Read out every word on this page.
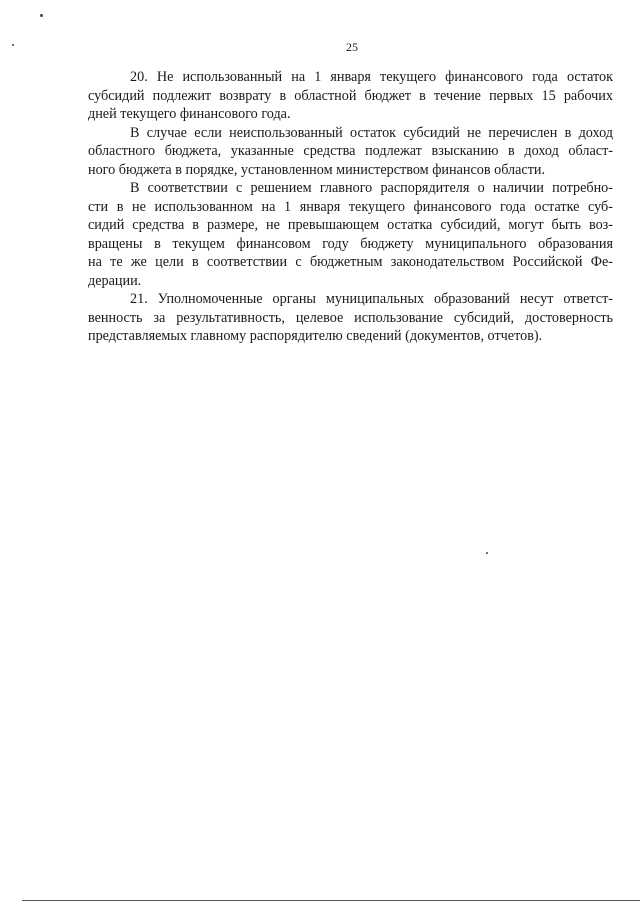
25
20. Не использованный на 1 января текущего финансового года остаток
субсидий подлежит возврату в областной бюджет в течение первых 15 рабочих
дней текущего финансового года.
В случае если неиспользованный остаток субсидий не перечислен в доход
областного бюджета, указанные средства подлежат взысканию в доход област-
ного бюджета в порядке, установленном министерством финансов области.
В соответствии с решением главного распорядителя о наличии потребно-
сти в не использованном на 1 января текущего финансового года остатке суб-
сидий средства в размере, не превышающем остатка субсидий, могут быть воз-
вращены в текущем финансовом году бюджету муниципального образования
на те же цели в соответствии с бюджетным законодательством Российской Фе-
дерации.
21. Уполномоченные органы муниципальных образований несут ответст-
венность за результативность, целевое использование субсидий, достоверность
представляемых главному распорядителю сведений (документов, отчетов).
